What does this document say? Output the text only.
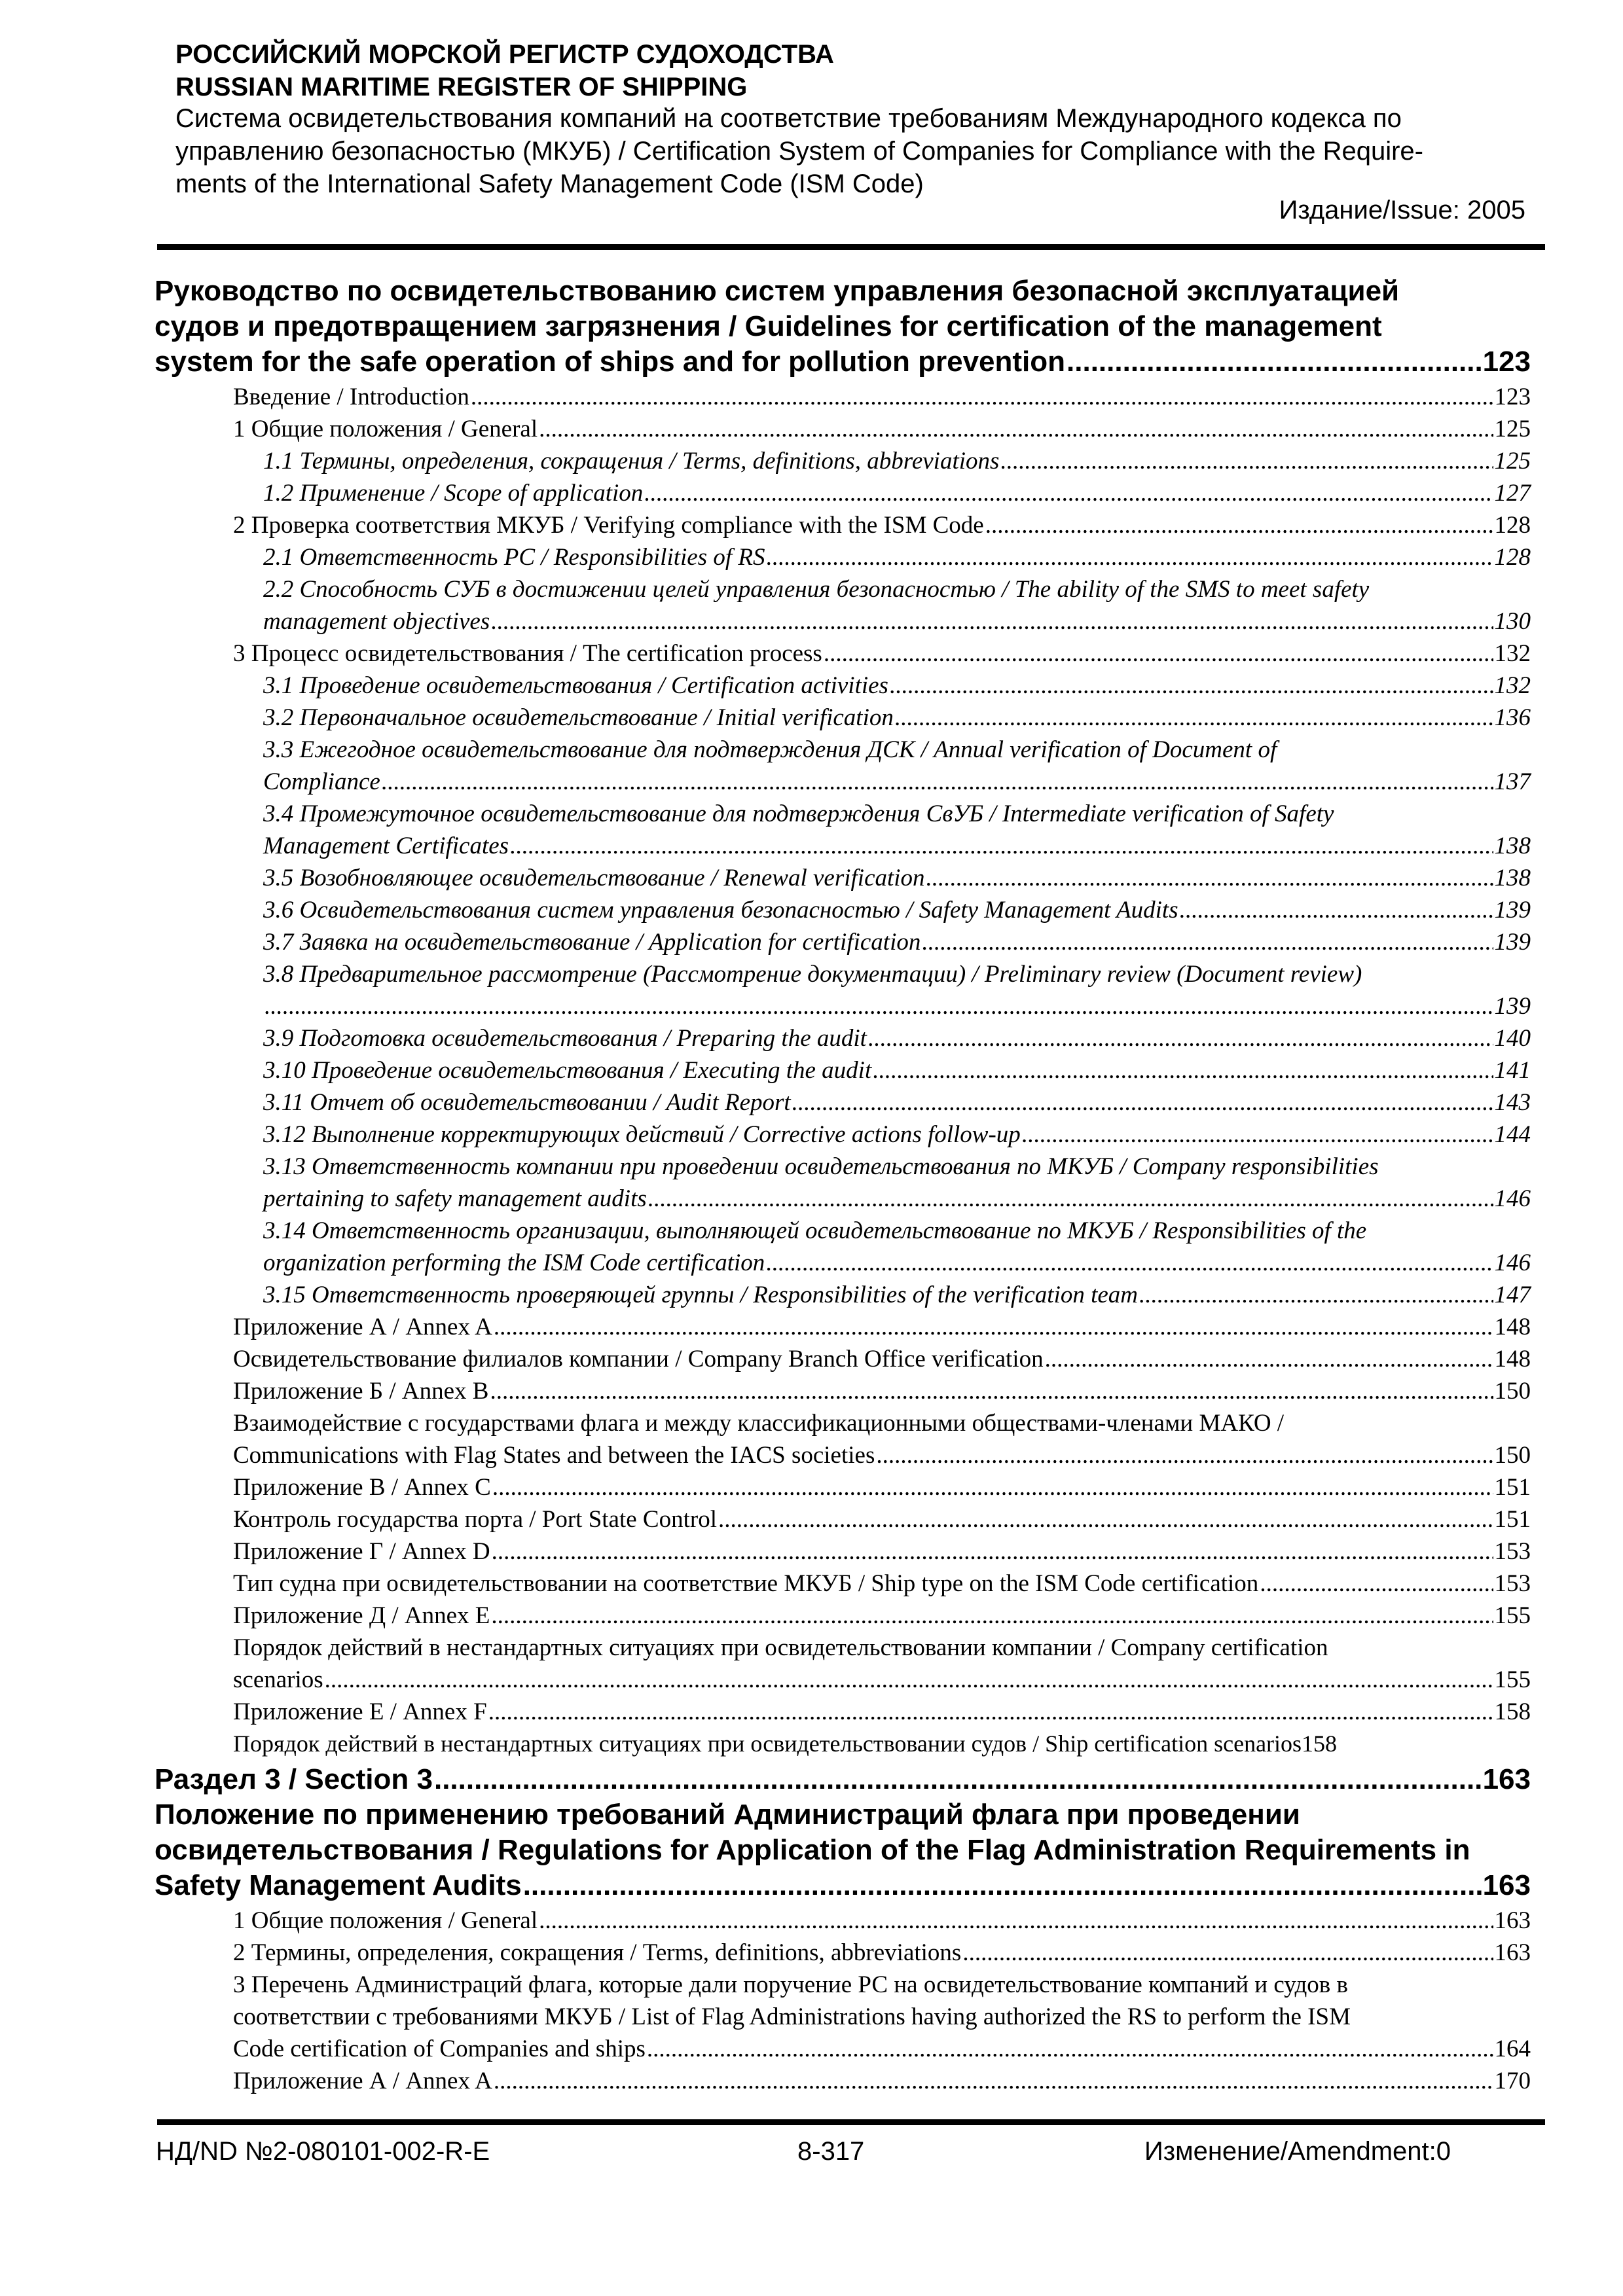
РОССИЙСКИЙ МОРСКОЙ РЕГИСТР СУДОХОДСТВА
RUSSIAN MARITIME REGISTER OF SHIPPING
Система освидетельствования компаний на соответствие требованиям Международного кодекса по
управлению безопасностью (МКУБ) / Certification System of Companies for Compliance with the Require-
ments of the International Safety Management Code (ISM Code)
Издание/Issue: 2005
Руководство по освидетельствованию систем управления безопасной эксплуатацией
судов и предотвращением загрязнения / Guidelines for certification of the management
system for the safe operation of ships and for pollution prevention .....	123
Введение / Introduction .....	123
1 Общие положения / General .....	125
1.1 Термины, определения, сокращения / Terms, definitions, abbreviations .....	125
1.2 Применение / Scope of application .....	127
2 Проверка соответствия МКУБ / Verifying compliance with the ISM Code .....	128
2.1 Ответственность РС / Responsibilities of RS .....	128
2.2 Способность СУБ в достижении целей управления безопасностью / The ability of the SMS to meet safety
management objectives .....	130
3 Процесс освидетельствования / The certification process .....	132
3.1 Проведение освидетельствования / Certification activities .....	132
3.2 Первоначальное освидетельствование / Initial verification .....	136
3.3 Ежегодное освидетельствование для подтверждения ДСК / Annual verification of Document of
Compliance .....	137
3.4 Промежуточное освидетельствование для подтверждения СвУБ / Intermediate verification of Safety
Management Certificates .....	138
3.5 Возобновляющее освидетельствование / Renewal verification .....	138
3.6 Освидетельствования систем управления безопасностью / Safety Management Audits .....	139
3.7 Заявка на освидетельствование / Application for certification .....	139
3.8 Предварительное рассмотрение (Рассмотрение документации) / Preliminary review (Document review)
.....
139
3.9 Подготовка освидетельствования / Preparing the audit .....	140
3.10 Проведение освидетельствования / Executing the audit .....	141
3.11 Отчет об освидетельствовании / Audit Report .....	143
3.12 Выполнение корректирующих действий / Corrective actions follow-up .....	144
3.13 Ответственность компании при проведении освидетельствования по МКУБ / Company responsibilities
pertaining to safety management audits .....	146
3.14 Ответственность организации, выполняющей освидетельствование по МКУБ / Responsibilities of the
organization performing the ISM Code certification .....	146
3.15 Ответственность проверяющей группы / Responsibilities of the verification team .....	147
Приложение А / Annex A .....	148
Освидетельствование филиалов компании / Company Branch Office verification .....	148
Приложение Б / Annex B .....	150
Взаимодействие с государствами флага и между классификационными обществами-членами МАКО /
Communications with Flag States and between the IACS societies .....	150
Приложение В / Annex C .....	151
Контроль государства порта / Port State Control .....	151
Приложение Г / Annex D .....	153
Тип судна при освидетельствовании на соответствие МКУБ / Ship type on the ISM Code certification .....	153
Приложение Д / Annex E .....	155
Порядок действий в нестандартных ситуациях при освидетельствовании компании / Company certification
scenarios .....	155
Приложение Е / Annex F .....	158
Порядок действий в нестандартных ситуациях при освидетельствовании судов / Ship certification scenarios 158
Раздел 3 / Section 3 .....	163
Положение по применению требований Администраций флага при проведении
освидетельствования / Regulations for Application of the Flag Administration Requirements in
Safety Management Audits .....	163
1 Общие положения / General .....	163
2 Термины, определения, сокращения / Terms, definitions, abbreviations .....	163
3 Перечень Администраций флага, которые дали поручение РС на освидетельствование компаний и судов в
соответствии с требованиями МКУБ / List of Flag Administrations having authorized the RS to perform the ISM
Code certification of Companies and ships .....	164
Приложение А / Annex A .....	170
НД/ND №2-080101-002-R-E	8-317	Изменение/Amendment:0
